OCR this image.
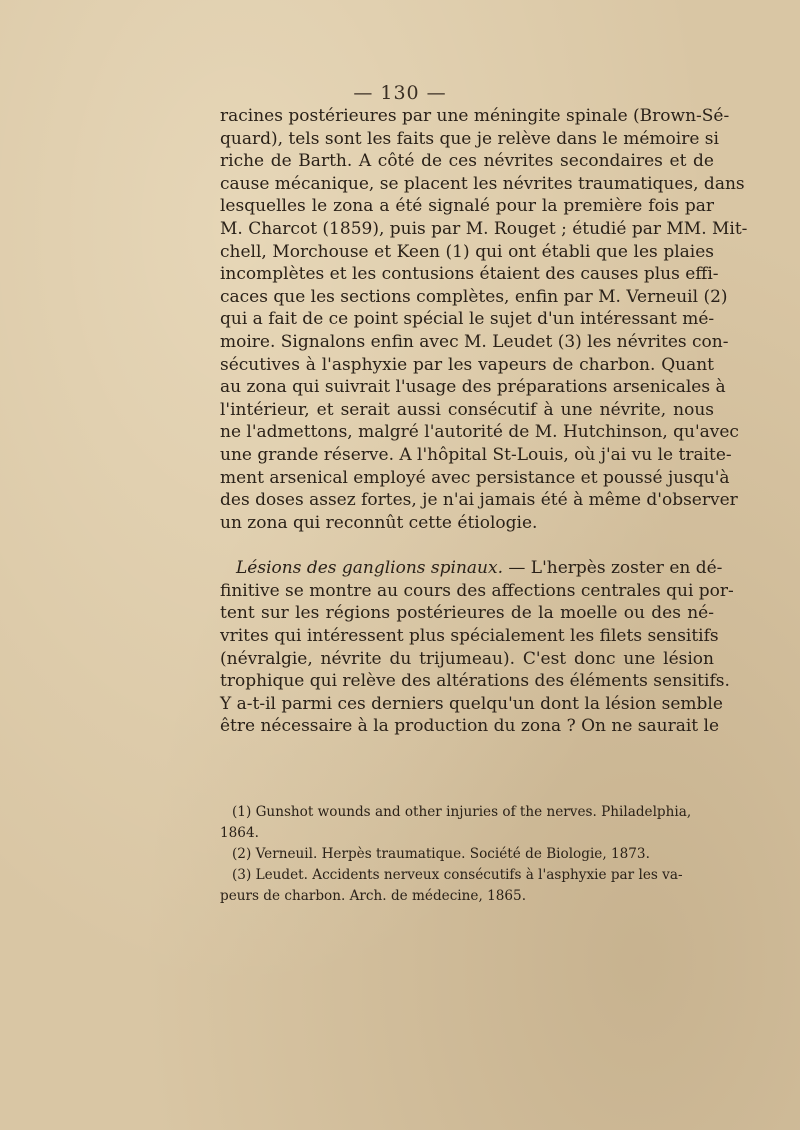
— 130 —
racines postérieures par une méningite spinale (Brown-Sé-
quard), tels sont les faits que je relève dans le mémoire si
riche de Barth. A côté de ces névrites secondaires et de
cause mécanique, se placent les névrites traumatiques, dans
lesquelles le zona a été signalé pour la première fois par
M. Charcot (1859), puis par M. Rouget ; étudié par MM. Mit-
chell, Morchouse et Keen (1) qui ont établi que les plaies
incomplètes et les contusions étaient des causes plus effi-
caces que les sections complètes, enfin par M. Verneuil (2)
qui a fait de ce point spécial le sujet d'un intéressant mé-
moire. Signalons enfin avec M. Leudet (3) les névrites con-
sécutives à l'asphyxie par les vapeurs de charbon. Quant
au zona qui suivrait l'usage des préparations arsenicales à
l'intérieur, et serait aussi consécutif à une névrite, nous
ne l'admettons, malgré l'autorité de M. Hutchinson, qu'avec
une grande réserve. A l'hôpital St-Louis, où j'ai vu le traite-
ment arsenical employé avec persistance et poussé jusqu'à
des doses assez fortes, je n'ai jamais été à même d'observer
un zona qui reconnût cette étiologie.
Lésions des ganglions spinaux. — L'herpès zoster en dé-
finitive se montre au cours des affections centrales qui por-
tent sur les régions postérieures de la moelle ou des né-
vrites qui intéressent plus spécialement les filets sensitifs
(névralgie, névrite du trijumeau). C'est donc une lésion
trophique qui relève des altérations des éléments sensitifs.
Y a-t-il parmi ces derniers quelqu'un dont la lésion semble
être nécessaire à la production du zona ? On ne saurait le
(1) Gunshot wounds and other injuries of the nerves. Philadelphia,
1864.
(2) Verneuil. Herpès traumatique. Société de Biologie, 1873.
(3) Leudet. Accidents nerveux consécutifs à l'asphyxie par les va-
peurs de charbon. Arch. de médecine, 1865.
